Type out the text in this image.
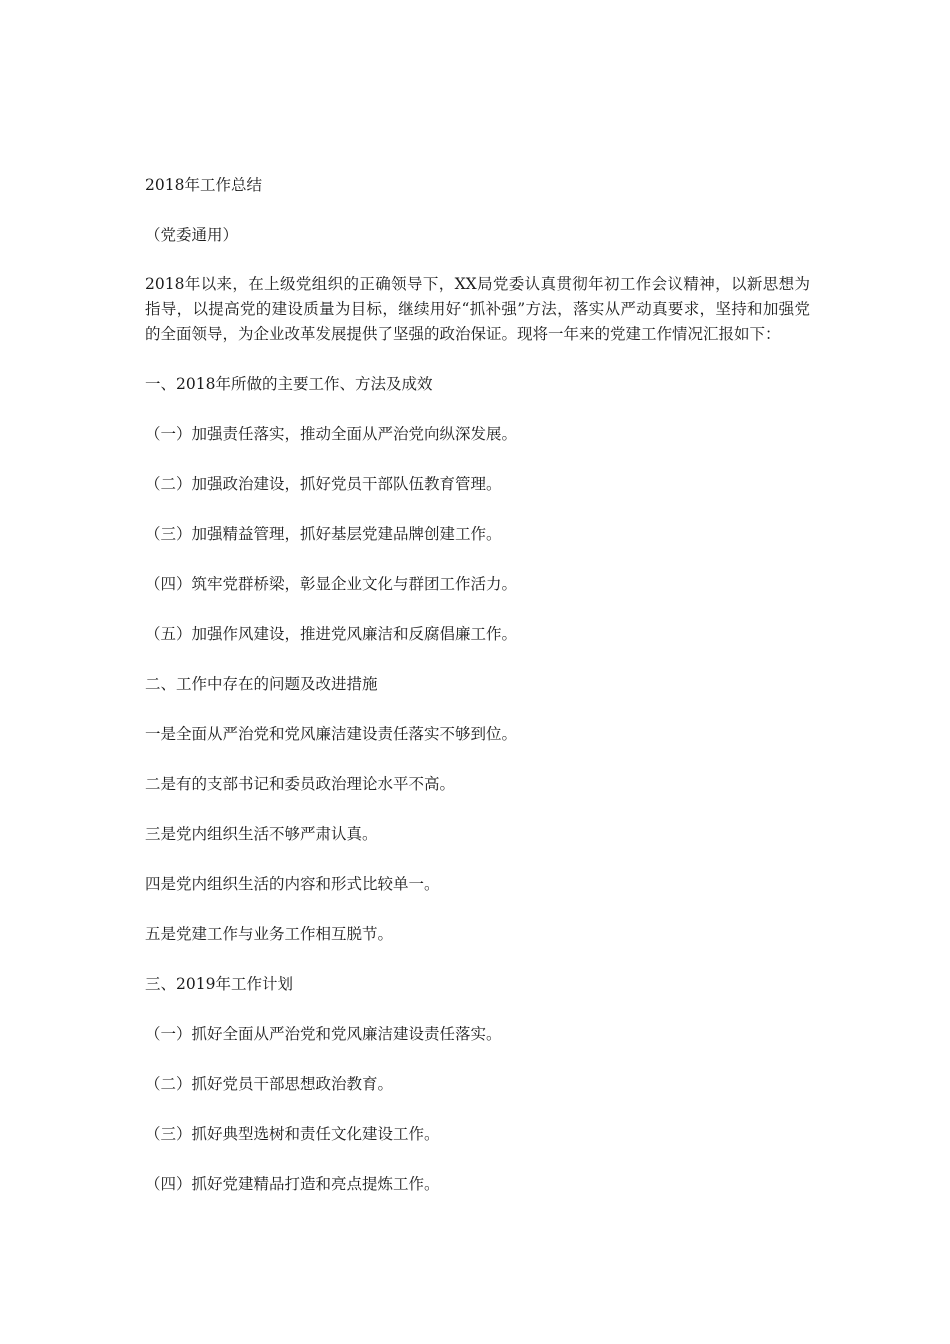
2018年工作总结

（党委通用）

2018年以来，在上级党组织的正确领导下，XX局党委认真贯彻年初工作会议精神，以新思想为指导，以提高党的建设质量为目标，继续用好“抓补强”方法，落实从严动真要求，坚持和加强党的全面领导，为企业改革发展提供了坚强的政治保证。现将一年来的党建工作情况汇报如下：

一、2018年所做的主要工作、方法及成效

（一）加强责任落实，推动全面从严治党向纵深发展。

（二）加强政治建设，抓好党员干部队伍教育管理。

（三）加强精益管理，抓好基层党建品牌创建工作。

（四）筑牢党群桥梁，彰显企业文化与群团工作活力。

（五）加强作风建设，推进党风廉洁和反腐倡廉工作。

二、工作中存在的问题及改进措施

一是全面从严治党和党风廉洁建设责任落实不够到位。

二是有的支部书记和委员政治理论水平不高。

三是党内组织生活不够严肃认真。

四是党内组织生活的内容和形式比较单一。

五是党建工作与业务工作相互脱节。

三、2019年工作计划

（一）抓好全面从严治党和党风廉洁建设责任落实。

（二）抓好党员干部思想政治教育。

（三）抓好典型选树和责任文化建设工作。

（四）抓好党建精品打造和亮点提炼工作。
